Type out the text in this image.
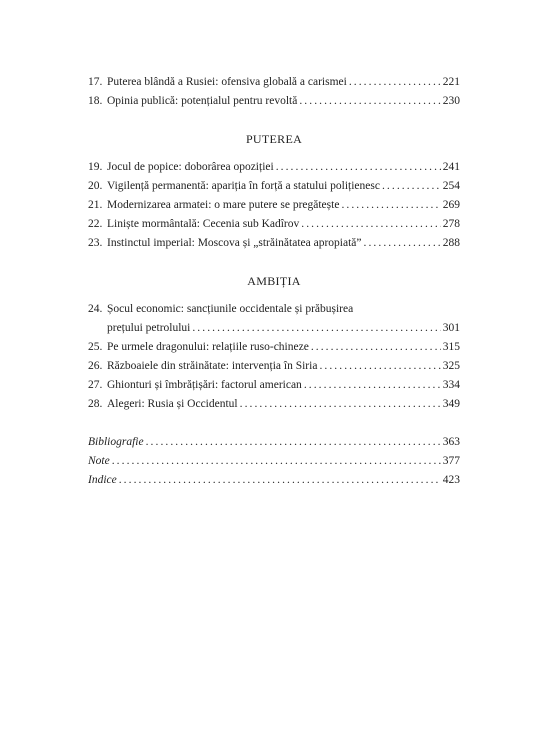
17. Puterea blândă a Rusiei: ofensiva globală a carismei . . .	221
18. Opinia publică: potențialul pentru revoltă . . .	230
PUTEREA
19. Jocul de popice: doborârea opoziției . . .	241
20. Vigilență permanentă: apariția în forță a statului polițienesc . . .	254
21. Modernizarea armatei: o mare putere se pregătește . . .	269
22. Liniște mormântală: Cecenia sub Kadîrov . . .	278
23. Instinctul imperial: Moscova și „străinătatea apropiată” . . .	288
AMBIȚIA
24. Șocul economic: sancțiunile occidentale și prăbușirea
prețului petrolului . . .	301
25. Pe urmele dragonului: relațiile ruso-chineze . . .	315
26. Războaiele din străinătate: intervenția în Siria . . .	325
27. Ghionturi și îmbrățișări: factorul american . . .	334
28. Alegeri: Rusia și Occidentul . . .	349
Bibliografie . . .	363
Note . . .	377
Indice . . .	423
